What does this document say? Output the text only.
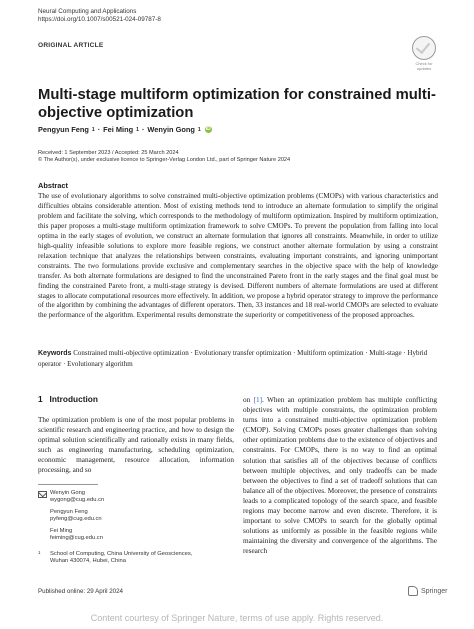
Neural Computing and Applications
https://doi.org/10.1007/s00521-024-09787-8
ORIGINAL ARTICLE
Check for
updates
Multi-stage multiform optimization for constrained multi-objective optimization
Pengyun Feng 1 · Fei Ming 1 · Wenyin Gong 1 iD
Received: 1 September 2023 / Accepted: 25 March 2024
© The Author(s), under exclusive licence to Springer-Verlag London Ltd., part of Springer Nature 2024
Abstract
The use of evolutionary algorithms to solve constrained multi-objective optimization problems (CMOPs) with various characteristics and difficulties obtains considerable attention. Most of existing methods tend to introduce an alternate formulation to simplify the original problem and facilitate the solving, which corresponds to the methodology of multiform optimization. Inspired by multiform optimization, this paper proposes a multi-stage multiform optimization framework to solve CMOPs. To prevent the population from falling into local optima in the early stages of evolution, we construct an alternate formulation that ignores all constraints. Meanwhile, in order to utilize high-quality infeasible solutions to explore more feasible regions, we construct another alternate formulation by using a constraint relaxation technique that analyzes the relationships between constraints, evaluating important constraints, and ignoring unimportant constraints. The two formulations provide exclusive and complementary searches in the objective space with the help of knowledge transfer. As both alternate formulations are designed to find the unconstrained Pareto front in the early stages and the final goal must be finding the constrained Pareto front, a multi-stage strategy is devised. Different numbers of alternate formulations are used at different stages to allocate computational resources more effectively. In addition, we propose a hybrid operator strategy to improve the performance of the algorithm by combining the advantages of different operators. Then, 33 instances and 18 real-world CMOPs are selected to evaluate the performance of the algorithm. Experimental results demonstrate the superiority or competitiveness of the proposed approaches.
Keywords Constrained multi-objective optimization · Evolutionary transfer optimization · Multiform optimization · Multi-stage · Hybrid operator · Evolutionary algorithm
1 Introduction
The optimization problem is one of the most popular problems in scientific research and engineering practice, and how to design the optimal solution scientifically and rationally exists in many fields, such as engineering manufacturing, scheduling optimization, economic management, resource allocation, information processing, and so
on [1]. When an optimization problem has multiple conflicting objectives with multiple constraints, the optimization problem turns into a constrained multi-objective optimization problem (CMOP). Solving CMOPs poses greater challenges than solving other optimization problems due to the existence of objectives and constraints. For CMOPs, there is no way to find an optimal solution that satisfies all of the objectives because of conflicts between multiple objectives, and only tradeoffs can be made between the objectives to find a set of tradeoff solutions that can balance all of the objectives. Moreover, the presence of constraints leads to a complicated topology of the search space, and feasible regions may become narrow and even discrete. Therefore, it is important to solve CMOPs to search for the globally optimal solutions as uniformly as possible in the feasible regions while maintaining the diversity and convergence of the algorithms. The research
Wenyin Gong
wygong@cug.edu.cn
Pengyun Feng
pyfeng@cug.edu.cn
Fei Ming
feiming@cug.edu.cn
1 School of Computing, China University of Geosciences,
Wuhan 430074, Hubei, China
Published online: 29 April 2024	Springer
Content courtesy of Springer Nature, terms of use apply. Rights reserved.
